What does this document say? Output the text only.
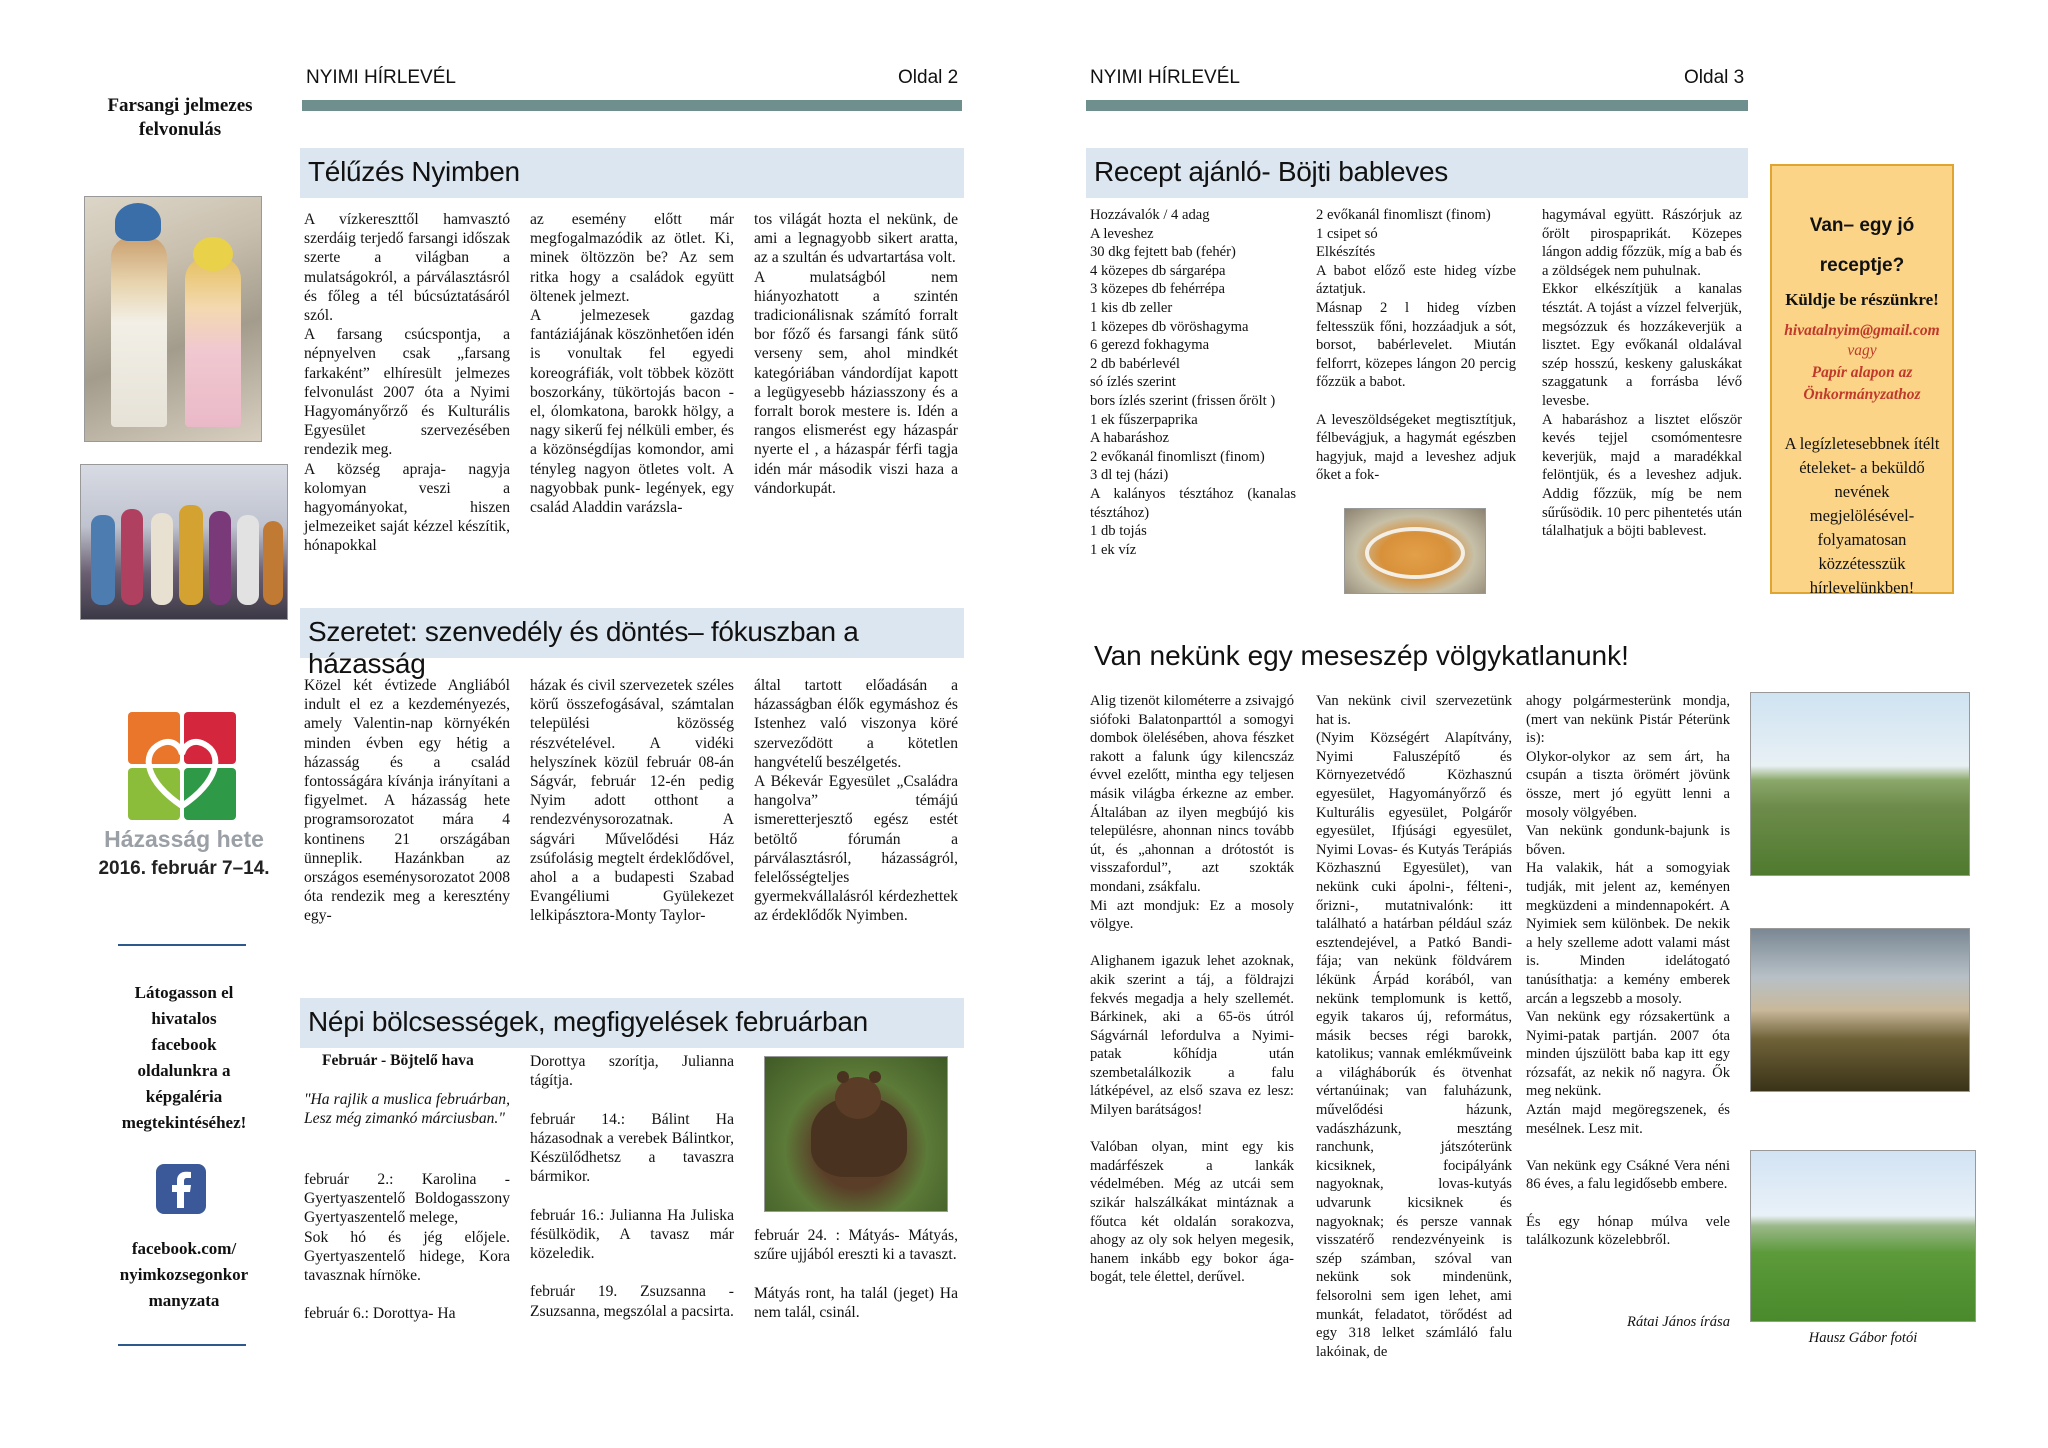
NYIMI HÍRLEVÉL	Oldal 2
Farsangi jelmezes
felvonulás
Házasság hete
2016. február 7–14.
Látogasson el
hivatalos
facebook
oldalunkra a
képgaléria
megtekintéséhez!
facebook.com/
nyimkozsegonkor
manyzata
Télűzés Nyimben
A vízkereszttől hamvasztó szerdáig terjedő farsangi időszak szerte a világban a mulatságokról, a párválasztásról és főleg a tél búcsúztatásáról szól.
A farsang csúcspontja, a népnyelven csak „farsang farkaként” elhíresült jelmezes felvonulást 2007 óta a Nyimi Hagyományőrző és Kulturális Egyesület szervezésében rendezik meg.
A község apraja- nagyja kolomyan veszi a hagyományokat, hiszen jelmezeiket saját kézzel készítik, hónapokkal
az esemény előtt már megfogalmazódik az ötlet. Ki, minek öltözzön be? Az sem ritka hogy a családok együtt öltenek jelmezt.
A jelmezesek gazdag fantáziájának köszönhetően idén is vonultak fel egyedi koreográfiák, volt többek között boszorkány, tükörtojás bacon -el, ólomkatona, barokk hölgy, a nagy sikerű fej nélküli ember, és a közönségdíjas komondor, ami tényleg nagyon ötletes volt. A nagyobbak punk- legények, egy család Aladdin varázsla-
tos világát hozta el nekünk, de ami a legnagyobb sikert aratta, az a szultán és udvartartása volt.
A mulatságból nem hiányozhatott a szintén tradicionálisnak számító forralt bor főző és farsangi fánk sütő verseny sem, ahol mindkét kategóriában vándordíjat kapott a legügyesebb háziasszony és a forralt borok mestere is. Idén a rangos elismerést egy házaspár nyerte el , a házaspár férfi tagja idén már második viszi haza a vándorkupát.
Szeretet: szenvedély és döntés– fókuszban a házasság
Közel két évtizede Angliából indult el ez a kezdeményezés, amely Valentin-nap környékén minden évben egy hétig a házasság és a család fontosságára kívánja irányítani a figyelmet. A házasság hete programsorozatot mára 4 kontinens 21 országában ünneplik. Hazánkban az országos eseménysorozatot 2008 óta rendezik meg a keresztény egy-
házak és civil szervezetek széles körű összefogásával, számtalan települési közösség részvételével. A vidéki helyszínek közül február 08-án Ságvár, február 12-én pedig Nyim adott otthont a rendezvénysorozatnak. A ságvári Művelődési Ház zsúfolásig megtelt érdeklődővel, ahol a a budapesti Szabad Evangéliumi Gyülekezet lelkipásztora-Monty Taylor-
által tartott előadásán a házasságban élők egymáshoz és Istenhez való viszonya köré szerveződött a kötetlen hangvételű beszélgetés.
A Békevár Egyesület „Családra hangolva” témájú ismeretterjesztő egész estét betöltő fórumán a párválasztásról, házasságról, felelősségteljes gyermekvállalásról kérdezhettek az érdeklődők Nyimben.
Népi bölcsességek, megfigyelések februárban
Február - Böjtelő hava
"Ha rajlik a muslica februárban, Lesz még zimankó márciusban."
február 2.: Karolina - Gyertyaszentelő Boldogasszony Gyertyaszentelő melege,
Sok hó és jég előjele. Gyertyaszentelő hidege, Kora tavasznak hírnöke.

február 6.: Dorottya- Ha
Dorottya szorítja, Julianna tágítja.

február 14.: Bálint Ha házasodnak a verebek Bálintkor, Készülődhetsz a tavaszra bármikor.

február 16.: Julianna Ha Juliska fésülködik, A tavasz már közeledik.

február 19. Zsuzsanna - Zsuzsanna, megszólal a pacsirta.
február 24. : Mátyás- Mátyás, szűre ujjából ereszti ki a tavaszt.

Mátyás ront, ha talál (jeget) Ha nem talál, csinál.
NYIMI HÍRLEVÉL	Oldal 3
Recept ajánló- Böjti bableves
Hozzávalók / 4 adag
A leveshez
30 dkg fejtett bab (fehér)
4 közepes db sárgarépa
3 közepes db fehérrépa
1 kis db zeller
1 közepes db vöröshagyma
6 gerezd fokhagyma
2 db babérlevél
só ízlés szerint
bors ízlés szerint (frissen őrölt )
1 ek fűszerpaprika
A habaráshoz
2 evőkanál finomliszt (finom)
3 dl tej (házi)
A kalányos tésztához (kanalas tésztához)
1 db tojás
1 ek víz
2 evőkanál finomliszt (finom)
1 csipet só
Elkészítés
A babot előző este hideg vízbe áztatjuk.
Másnap 2 l hideg vízben feltesszük főni, hozzáadjuk a sót, borsot, babérlevelet. Miután felforrt, közepes lángon 20 percig főzzük a babot.

A leveszöldségeket megtisztítjuk, félbevágjuk, a hagymát egészben hagyjuk, majd a leveshez adjuk őket a fok-
hagymával együtt. Rászórjuk az őrölt pirospaprikát. Közepes lángon addig főzzük, míg a bab és a zöldségek nem puhulnak.
Ekkor elkészítjük a kanalas tésztát. A tojást a vízzel felverjük, megsózzuk és hozzákeverjük a lisztet. Egy evőkanál oldalával szép hosszú, keskeny galuskákat szaggatunk a forrásba lévő levesbe.
A habaráshoz a lisztet először kevés tejjel csomómentesre keverjük, majd a maradékkal felöntjük, és a leveshez adjuk. Addig főzzük, míg be nem sűrűsödik. 10 perc pihentetés után tálalhatjuk a böjti bablevest.
Van– egy jó receptje?
Küldje be részünkre!
hivatalnyim@gmail.com
vagy
Papír alapon az Önkormányzathoz
A legízletesebbnek ítélt ételeket- a beküldő nevének megjelölésével- folyamatosan közzétesszük hírlevelünkben!
Van nekünk egy meseszép völgykatlanunk!
Alig tizenöt kilométerre a zsivajgó siófoki Balatonparttól a somogyi dombok ölelésében, ahova fészket rakott a falunk úgy kilencszáz évvel ezelőtt, mintha egy teljesen másik világba érkezne az ember. Általában az ilyen megbújó kis településre, ahonnan nincs tovább út, és „ahonnan a drótostót is visszafordul”, azt szokták mondani, zsákfalu.
Mi azt mondjuk: Ez a mosoly völgye.

Alighanem igazuk lehet azoknak, akik szerint a táj, a földrajzi fekvés megadja a hely szellemét. Bárkinek, aki a 65-ös útról Ságvárnál lefordulva a Nyimi-patak kőhídja után szembetalálkozik a falu látképével, az első szava ez lesz: Milyen barátságos!

Valóban olyan, mint egy kis madárfészek a lankák védelmében. Még az utcái sem szikár halszálkákat mintáznak a főutca két oldalán sorakozva, ahogy az oly sok helyen megesik, hanem inkább egy bokor ága-bogát, tele élettel, derűvel.
Van nekünk civil szervezetünk hat is.
(Nyim Községért Alapítvány, Nyimi Faluszépítő és Környezetvédő Közhasznú egyesület, Hagyományőrző és Kulturális egyesület, Polgárőr egyesület, Ifjúsági egyesület, Nyimi Lovas- és Kutyás Terápiás Közhasznú Egyesület), van nekünk cuki ápolni-, félteni-, őrizni-, mutatnivalónk: itt található a határban például száz esztendejével, a Patkó Bandi-fája; van nekünk földvárem lékünk Árpád korából, van nekünk templomunk is kettő, egyik takaros új, református, másik becses régi barokk, katolikus; vannak emlékműveink a világháborúk és ötvenhat vértanúinak; van faluházunk, művelődési házunk, vadászházunk, mesztáng ranchunk, játszóterünk kicsiknek, focipályánk nagyoknak, lovas-kutyás udvarunk kicsiknek és nagyoknak; és persze vannak visszatérő rendezvényeink is szép számban, szóval van nekünk sok mindenünk, felsorolni sem igen lehet, ami munkát, feladatot, törődést ad egy 318 lelket számláló falu lakóinak, de
ahogy polgármesterünk mondja, (mert van nekünk Pistár Péterünk is):
Olykor-olykor az sem árt, ha csupán a tiszta örömért jövünk össze, mert jó együtt lenni a mosoly völgyében.
Van nekünk gondunk-bajunk is bőven.
Ha valakik, hát a somogyiak tudják, mit jelent az, keményen megküzdeni a mindennapokért. A Nyimiek sem különbek. De nekik a hely szelleme adott valami mást is. Minden idelátogató tanúsíthatja: a kemény emberek arcán a legszebb a mosoly.
Van nekünk egy rózsakertünk a Nyimi-patak partján. 2007 óta minden újszülött baba kap itt egy rózsafát, az nekik nő nagyra. Ők meg nekünk.
Aztán majd megöregszenek, és mesélnek. Lesz mit.

Van nekünk egy Csákné Vera néni 86 éves, a falu legidősebb embere.

És egy hónap múlva vele találkozunk közelebbről.
Rátai János írása
Hausz Gábor fotói
